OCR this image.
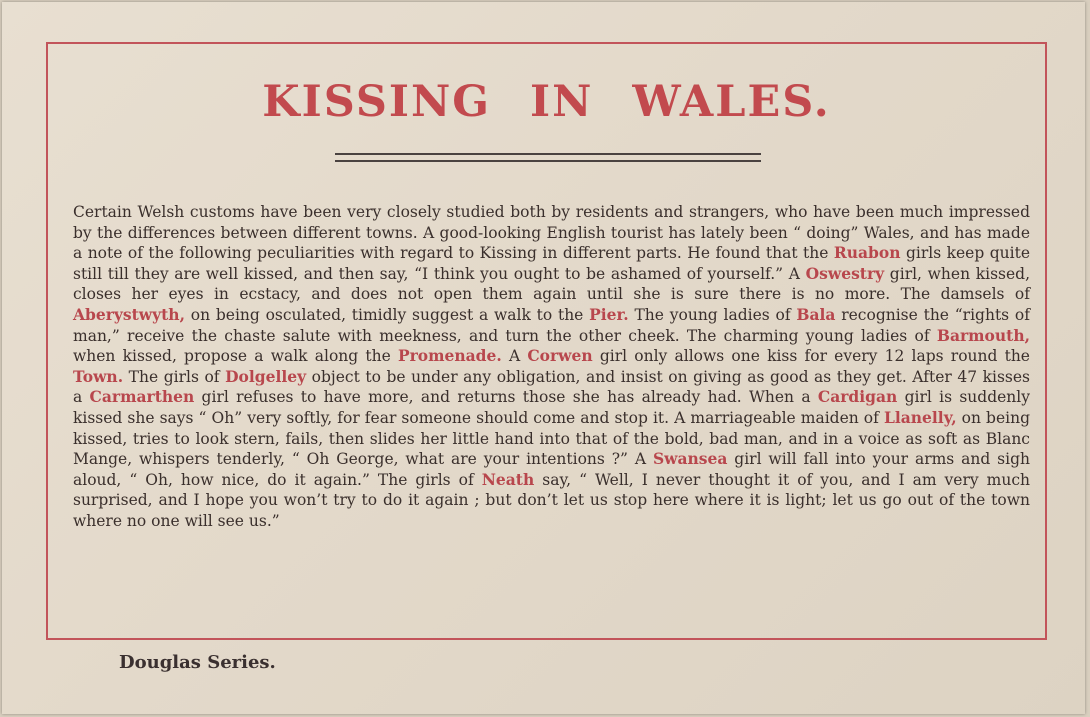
KISSING IN WALES.
Certain Welsh customs have been very closely studied both by residents and strangers, who have been much impressed by the differences between different towns. A good-looking English tourist has lately been “ doing” Wales, and has made a note of the following peculiarities with regard to Kissing in different parts. He found that the Ruabon girls keep quite still till they are well kissed, and then say, “I think you ought to be ashamed of yourself.” A Oswestry girl, when kissed, closes her eyes in ecstacy, and does not open them again until she is sure there is no more. The damsels of Aberystwyth, on being osculated, timidly suggest a walk to the Pier. The young ladies of Bala recognise the “rights of man,” receive the chaste salute with meekness, and turn the other cheek. The charming young ladies of Barmouth, when kissed, propose a walk along the Promenade. A Corwen girl only allows one kiss for every 12 laps round the Town. The girls of Dolgelley object to be under any obligation, and insist on giving as good as they get. After 47 kisses a Carmarthen girl refuses to have more, and returns those she has already had. When a Cardigan girl is suddenly kissed she says “ Oh” very softly, for fear someone should come and stop it. A marriageable maiden of Llanelly, on being kissed, tries to look stern, fails, then slides her little hand into that of the bold, bad man, and in a voice as soft as Blanc Mange, whispers tenderly, “ Oh George, what are your intentions ?” A Swansea girl will fall into your arms and sigh aloud, “ Oh, how nice, do it again.” The girls of Neath say, “ Well, I never thought it of you, and I am very much surprised, and I hope you won’t try to do it again ; but don’t let us stop here where it is light; let us go out of the town where no one will see us.”
Douglas Series.
